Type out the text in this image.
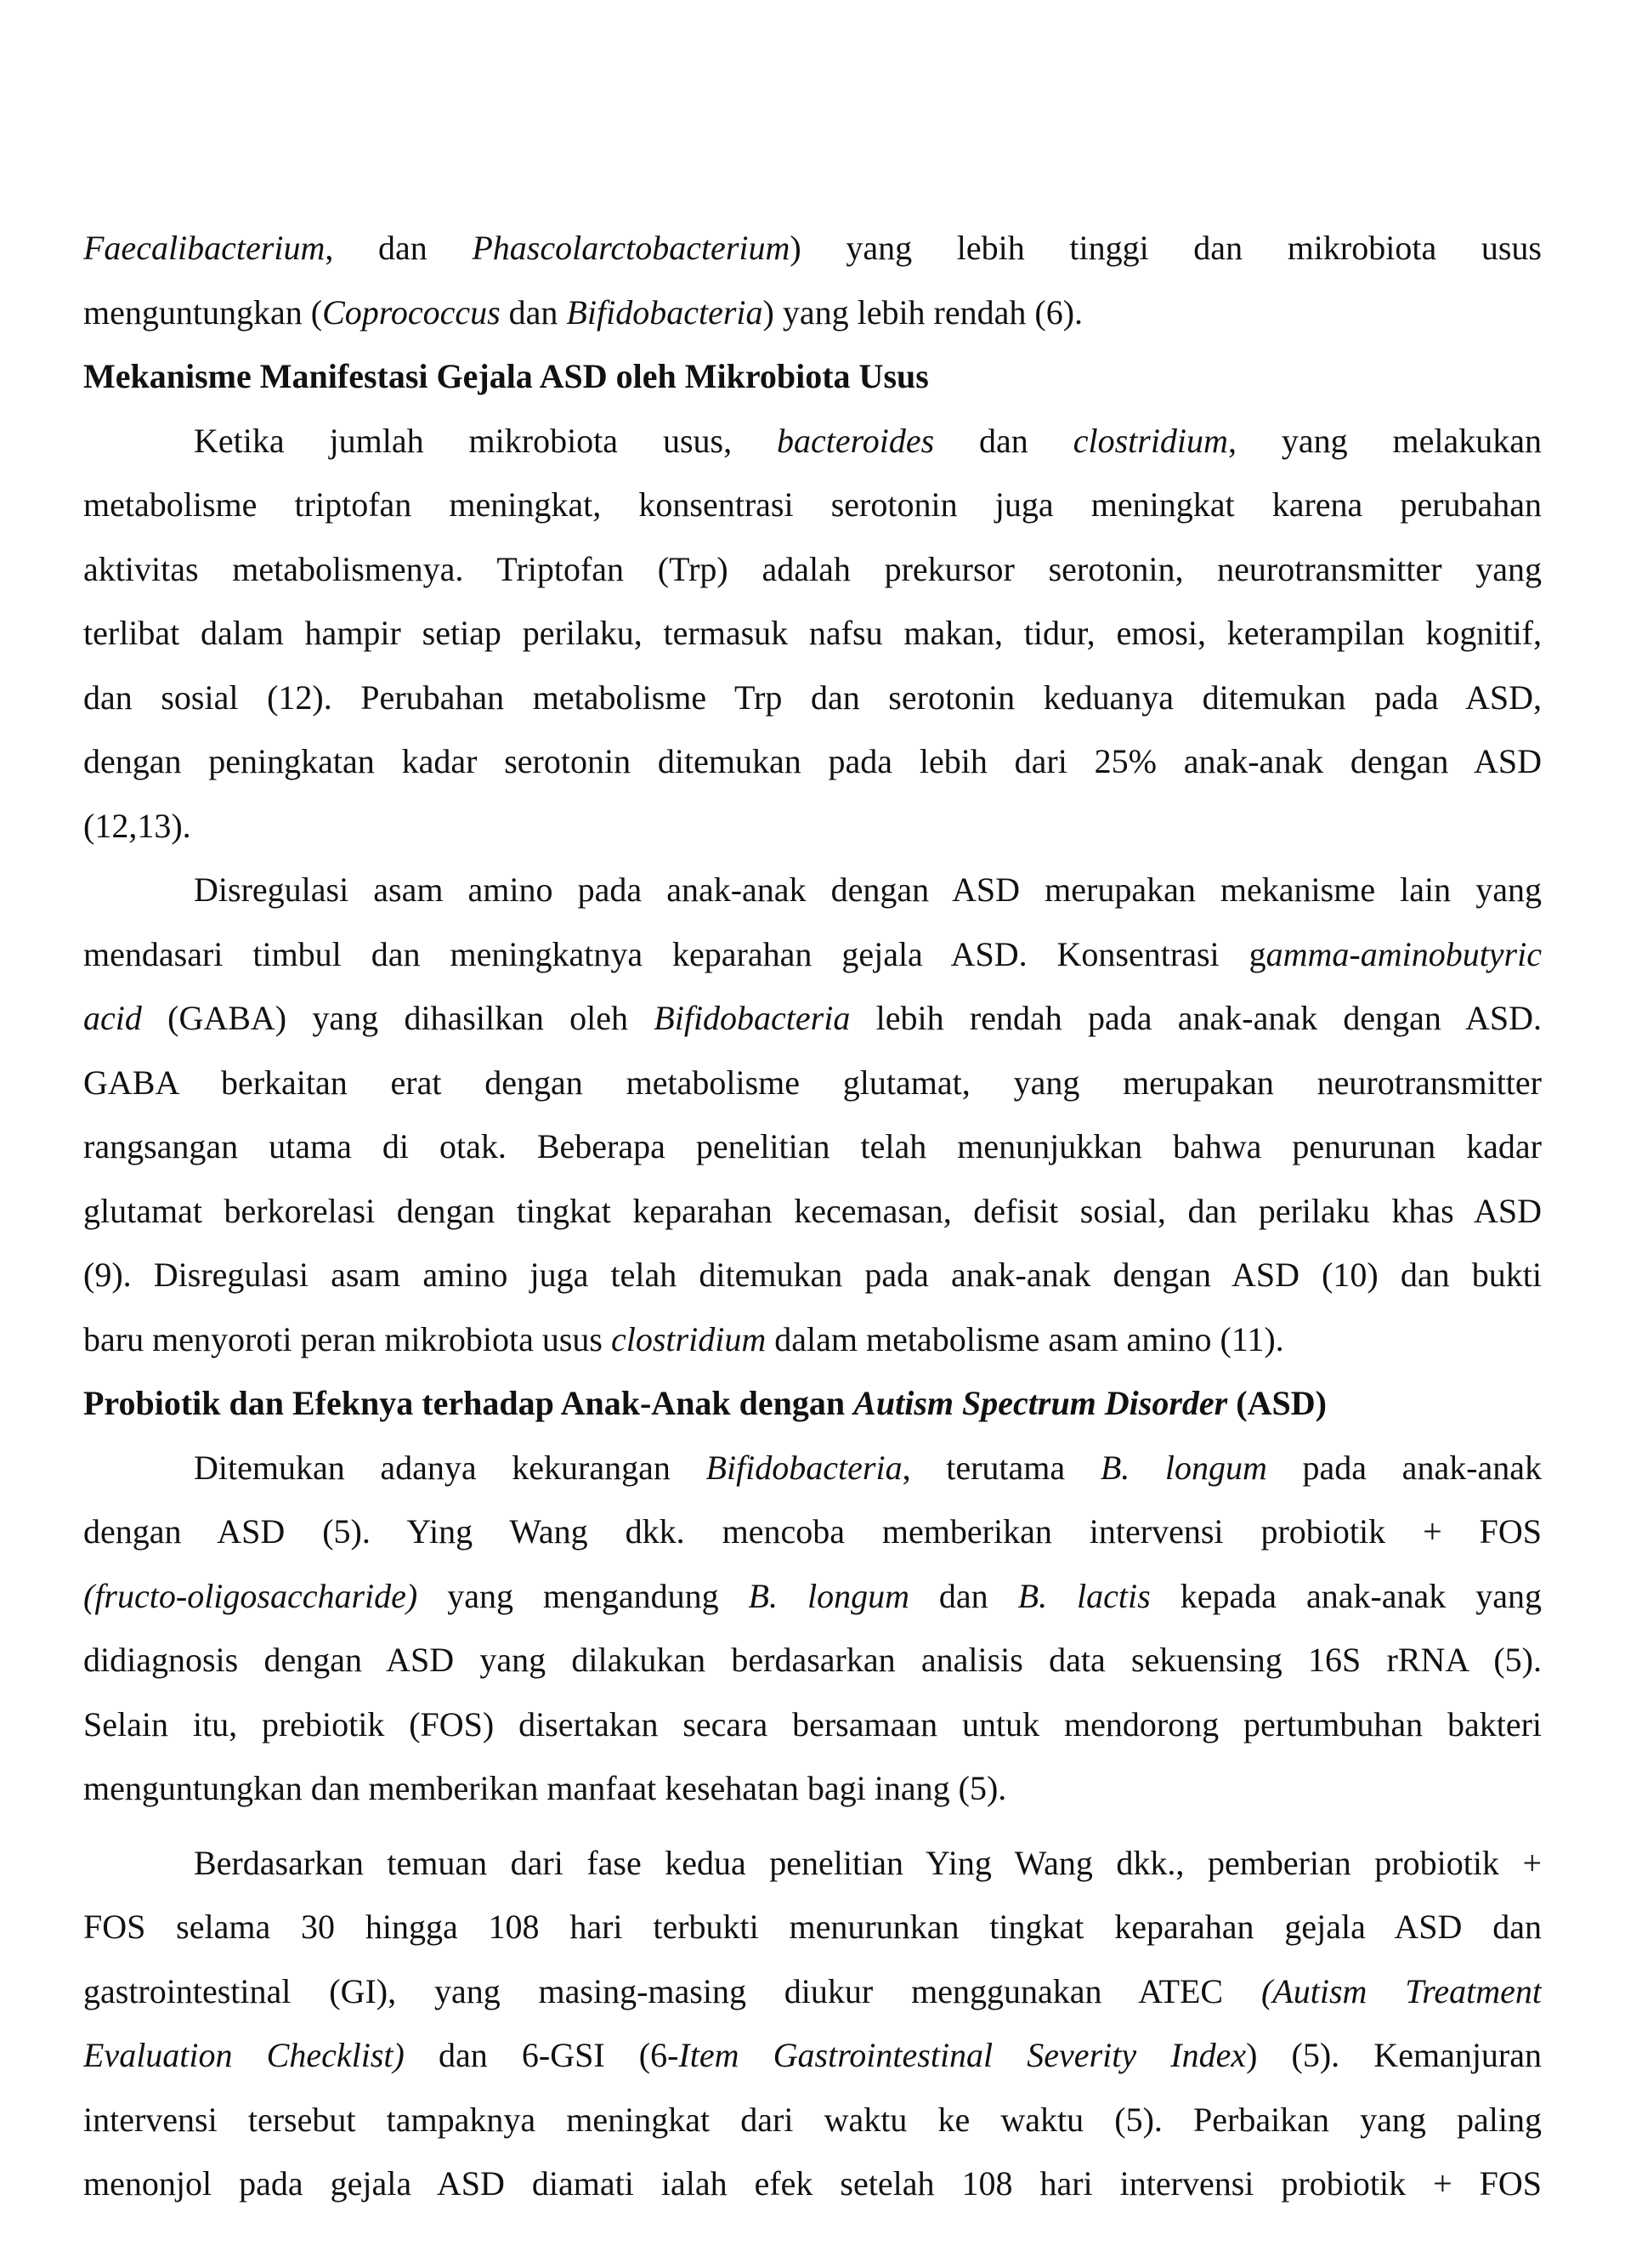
Faecalibacterium, dan Phascolarctobacterium) yang lebih tinggi dan mikrobiota usus
menguntungkan (Coprococcus dan Bifidobacteria) yang lebih rendah (6).
Mekanisme Manifestasi Gejala ASD oleh Mikrobiota Usus
Ketika jumlah mikrobiota usus, bacteroides dan clostridium, yang melakukan
metabolisme triptofan meningkat, konsentrasi serotonin juga meningkat karena perubahan
aktivitas metabolismenya. Triptofan (Trp) adalah prekursor serotonin, neurotransmitter yang
terlibat dalam hampir setiap perilaku, termasuk nafsu makan, tidur, emosi, keterampilan kognitif,
dan sosial (12). Perubahan metabolisme Trp dan serotonin keduanya ditemukan pada ASD,
dengan peningkatan kadar serotonin ditemukan pada lebih dari 25% anak-anak dengan ASD
(12,13).
Disregulasi asam amino pada anak-anak dengan ASD merupakan mekanisme lain yang
mendasari timbul dan meningkatnya keparahan gejala ASD. Konsentrasi gamma-aminobutyric
acid (GABA) yang dihasilkan oleh Bifidobacteria lebih rendah pada anak-anak dengan ASD.
GABA berkaitan erat dengan metabolisme glutamat, yang merupakan neurotransmitter
rangsangan utama di otak. Beberapa penelitian telah menunjukkan bahwa penurunan kadar
glutamat berkorelasi dengan tingkat keparahan kecemasan, defisit sosial, dan perilaku khas ASD
(9). Disregulasi asam amino juga telah ditemukan pada anak-anak dengan ASD (10) dan bukti
baru menyoroti peran mikrobiota usus clostridium dalam metabolisme asam amino (11).
Probiotik dan Efeknya terhadap Anak-Anak dengan Autism Spectrum Disorder (ASD)
Ditemukan adanya kekurangan Bifidobacteria, terutama B. longum pada anak-anak
dengan ASD (5). Ying Wang dkk. mencoba memberikan intervensi probiotik + FOS
(fructo-oligosaccharide) yang mengandung B. longum dan B. lactis kepada anak-anak yang
didiagnosis dengan ASD yang dilakukan berdasarkan analisis data sekuensing 16S rRNA (5).
Selain itu, prebiotik (FOS) disertakan secara bersamaan untuk mendorong pertumbuhan bakteri
menguntungkan dan memberikan manfaat kesehatan bagi inang (5).
Berdasarkan temuan dari fase kedua penelitian Ying Wang dkk., pemberian probiotik +
FOS selama 30 hingga 108 hari terbukti menurunkan tingkat keparahan gejala ASD dan
gastrointestinal (GI), yang masing-masing diukur menggunakan ATEC (Autism Treatment
Evaluation Checklist) dan 6-GSI (6-Item Gastrointestinal Severity Index) (5). Kemanjuran
intervensi tersebut tampaknya meningkat dari waktu ke waktu (5). Perbaikan yang paling
menonjol pada gejala ASD diamati ialah efek setelah 108 hari intervensi probiotik + FOS
